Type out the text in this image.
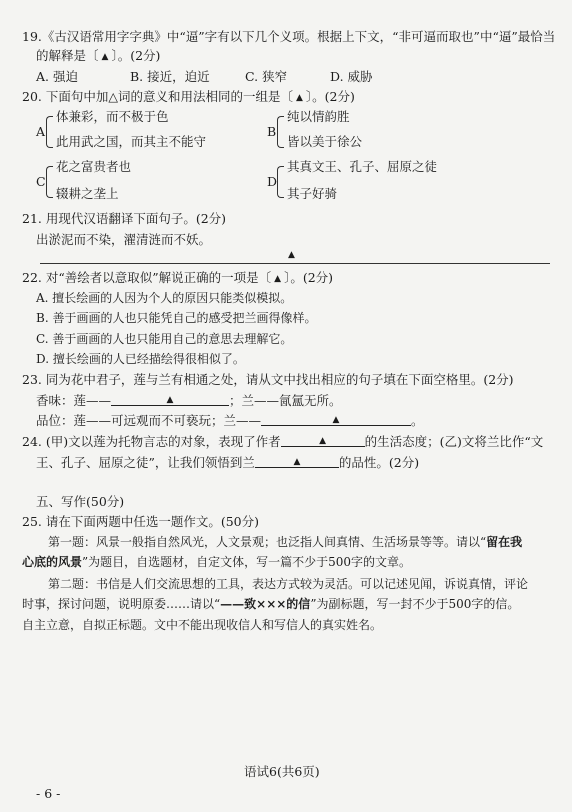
19.《古汉语常用字字典》中“逼”字有以下几个义项。根据上下文，“非可逼而取也”中“逼”最恰当
的解释是〔 ▲ 〕。(2分)
A. 强迫	B. 接近，迫近	C. 狭窄	D. 威胁
20. 下面句中加△词的意义和用法相同的一组是〔 ▲ 〕。(2分)
A
体兼彩，而不极于色
此用武之国，而其主不能守
B
纯以情韵胜
皆以美于徐公
C
花之富贵者也
辍耕之垄上
D
其真文王、孔子、屈原之徒
其子好骑
21. 用现代汉语翻译下面句子。(2分)
出淤泥而不染，濯清涟而不妖。
▲
22. 对“善绘者以意取似”解说正确的一项是〔 ▲ 〕。(2分)
A. 擅长绘画的人因为个人的原因只能类似模拟。
B. 善于画画的人也只能凭自己的感受把兰画得像样。
C. 善于画画的人也只能用自己的意思去理解它。
D. 擅长绘画的人已经描绘得很相似了。
23. 同为花中君子，莲与兰有相通之处，请从文中找出相应的句子填在下面空格里。(2分)
香味：莲——	▲	；兰——氤氲无所。
品位：莲——可远观而不可亵玩；兰——	▲	。
24. (甲)文以莲为托物言志的对象，表现了作者	▲	的生活态度；(乙)文将兰比作“文
王、孔子、屈原之徒”，让我们领悟到兰	▲	的品性。(2分)
五、写作(50分)
25. 请在下面两题中任选一题作文。(50分)
第一题：风景一般指自然风光，人文景观；也泛指人间真情、生活场景等等。请以“留在我
心底的风景”为题目，自选题材，自定文体，写一篇不少于500字的文章。
第二题：书信是人们交流思想的工具，表达方式较为灵活。可以记述见闻，诉说真情，评论
时事，探讨问题，说明原委……请以“——致×××的信”为副标题，写一封不少于500字的信。
自主立意，自拟正标题。文中不能出现收信人和写信人的真实姓名。
语试6(共6页)
- 6 -
